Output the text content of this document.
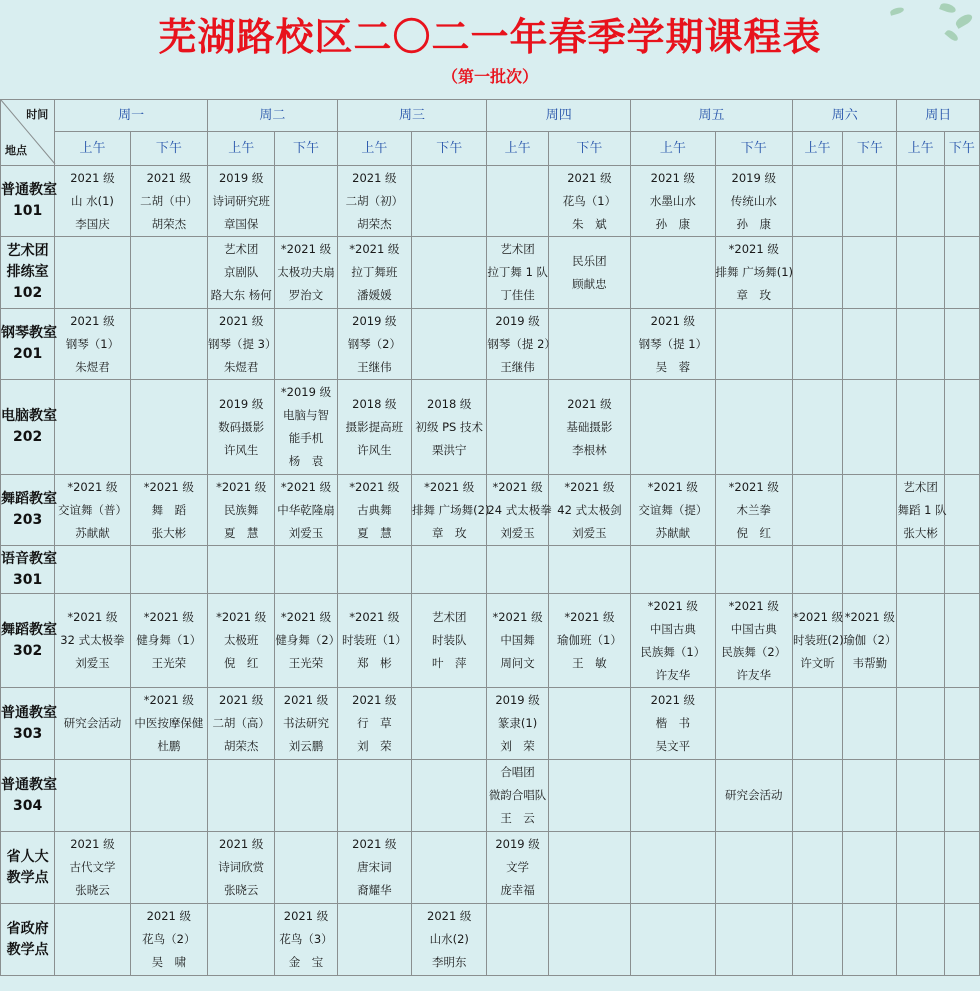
芜湖路校区二〇二一年春季学期课程表
（第一批次）
时间
地点	周一		周二		周三		周四		周五		周六		周日	
	上午	下午	上午	下午	上午	下午	上午	下午	上午	下午	上午	下午	上午	下午

普通教室
101	2021 级
山 水(1)
李国庆	2021 级
二胡（中）
胡荣杰	2019 级
诗词研究班
章国保		2021 级
二胡（初）
胡荣杰			2021 级
花鸟（1）
朱　斌	2021 级
水墨山水
孙　康	2019 级
传统山水
孙　康				

艺术团
排练室
102			艺术团
京剧队
路大东 杨何	*2021 级
太极功夫扇
罗治文	*2021 级
拉丁舞班
潘媛媛		艺术团
拉丁舞 1 队
丁佳佳	民乐团
顾献忠		*2021 级
排舞 广场舞(1)
章　玫				

钢琴教室
201	2021 级
钢琴（1）
朱煜君		2021 级
钢琴（提 3）
朱煜君		2019 级
钢琴（2）
王继伟		2019 级
钢琴（提 2）
王继伟		2021 级
钢琴（提 1）
吴　蓉					

电脑教室
202			2019 级
数码摄影
许风生	*2019 级
电脑与智
能手机
杨　袁	2018 级
摄影提高班
许风生	2018 级
初级 PS 技术
栗洪宁		2021 级
基础摄影
李根林						

舞蹈教室
203	*2021 级
交谊舞（普）
苏献献	*2021 级
舞　蹈
张大彬	*2021 级
民族舞
夏　慧	*2021 级
中华乾隆扇
刘爱玉	*2021 级
古典舞
夏　慧	*2021 级
排舞 广场舞(2)
章　玫	*2021 级
24 式太极拳
刘爱玉	*2021 级
42 式太极剑
刘爱玉	*2021 级
交谊舞（提）
苏献献	*2021 级
木兰拳
倪　红			艺术团
舞蹈 1 队
张大彬	

语音教室
301														

舞蹈教室
302	*2021 级
32 式太极拳
刘爱玉	*2021 级
健身舞（1）
王光荣	*2021 级
太极班
倪　红	*2021 级
健身舞（2）
王光荣	*2021 级
时装班（1）
郑　彬	艺术团
时装队
叶　萍	*2021 级
中国舞
周问文	*2021 级
瑜伽班（1）
王　敏	*2021 级
中国古典
民族舞（1）
许友华	*2021 级
中国古典
民族舞（2）
许友华	*2021 级
时装班(2)
许文昕	*2021 级
瑜伽（2）
韦帮勤		

普通教室
303	研究会活动	*2021 级
中医按摩保健
杜鹏	2021 级
二胡（高）
胡荣杰	2021 级
书法研究
刘云鹏	2021 级
行　草
刘　荣		2019 级
篆隶(1)
刘　荣		2021 级
楷　书
吴文平					

普通教室
304							合唱团
微韵合唱队
王　云			研究会活动				

省人大
教学点	2021 级
古代文学
张晓云		2021 级
诗词欣赏
张晓云		2021 级
唐宋词
裔耀华		2019 级
文学
庞幸福							

省政府
教学点		2021 级
花鸟（2）
吴　啸		2021 级
花鸟（3）
金　宝		2021 级
山水(2)
李明东								
